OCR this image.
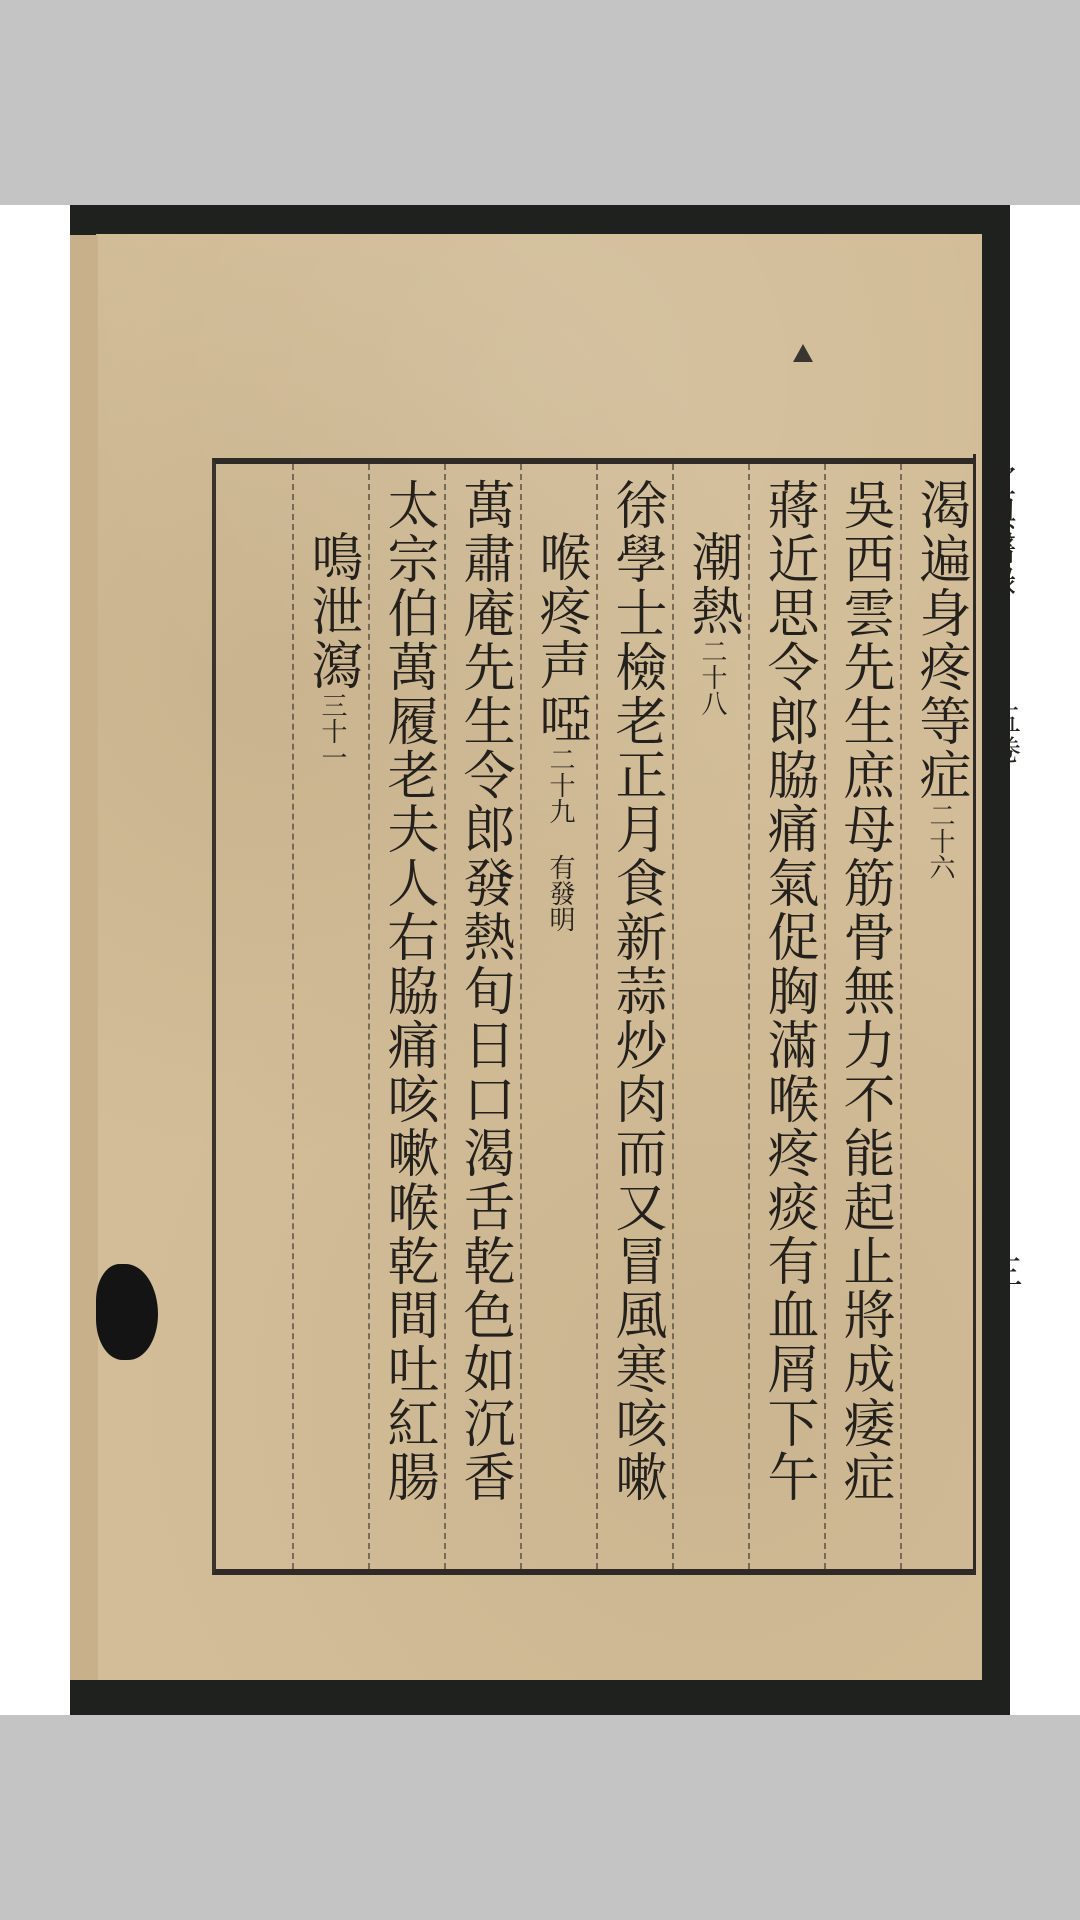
宜興醫錄
五卷
三
渴遍身疼等症二十六
吳西雲先生庶母筋骨無力不能起止將成痿症
蔣近思令郎脇痛氣促胸滿喉疼痰有血屑下午
潮熱二十八
徐學士檢老正月食新蒜炒肉而又冒風寒咳嗽
喉疼声啞二十九 有發明
萬肅庵先生令郎發熱旬日口渴舌乾色如沉香
太宗伯萬履老夫人右脇痛咳嗽喉乾間吐紅腸
鳴泄瀉三十一
